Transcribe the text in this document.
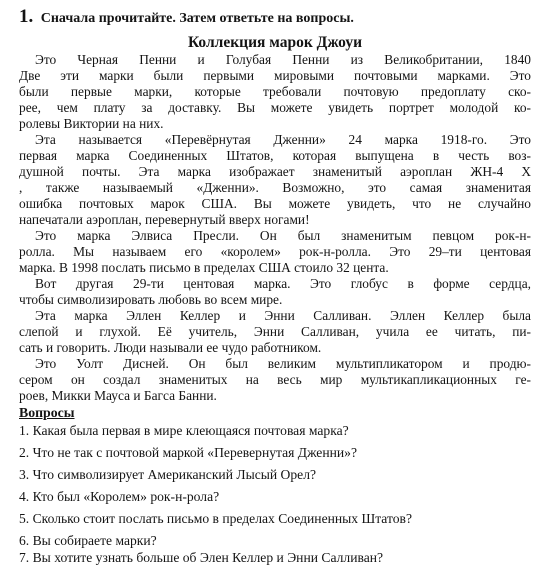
1. Сначала прочитайте. Затем ответьте на вопросы.
Коллекция марок Джоуи
Это Черная Пенни и Голубая Пенни из Великобритании, 1840
Две эти марки были первыми мировыми почтовыми марками. Это
были первые марки, которые требовали почтовую предоплату ско-
рее, чем плату за доставку. Вы можете увидеть портрет молодой ко-
ролевы Виктории на них.
Эта называется «Перевёрнутая Дженни» 24 марка 1918-го. Это
первая марка Соединенных Штатов, которая выпущена в честь воз-
душной почты. Эта марка изображает знаменитый аэроплан ЖН-4 Х
, также называемый «Дженни». Возможно, это самая знаменитая
ошибка почтовых марок США. Вы можете увидеть, что не случайно
напечатали аэроплан, перевернутый вверх ногами!
Это марка Элвиса Пресли. Он был знаменитым певцом рок-н-
ролла. Мы называем его «королем» рок-н-ролла. Это 29–ти центовая
марка. В 1998 послать письмо в пределах США стоило 32 цента.
Вот другая 29-ти центовая марка. Это глобус в форме сердца,
чтобы символизировать любовь во всем мире.
Эта марка Эллен Келлер и Энни Салливан. Эллен Келлер была
слепой и глухой. Её учитель, Энни Салливан, учила ее читать, пи-
сать и говорить. Люди называли ее чудо работником.
Это Уолт Дисней. Он был великим мультипликатором и продю-
сером он создал знаменитых на весь мир мультикапликационных ге-
роев, Микки Мауса и Багса Банни.
Вопросы
1. Какая была первая в мире клеющаяся почтовая марка?
2. Что не так с почтовой маркой «Перевернутая Дженни»?
3. Что символизирует Американский Лысый Орел?
4. Кто был «Королем» рок-н-рола?
5. Сколько стоит послать письмо в пределах Соединенных Штатов?
6. Вы собираете марки?
7. Вы хотите узнать больше об Элен Келлер и Энни Салливан?
